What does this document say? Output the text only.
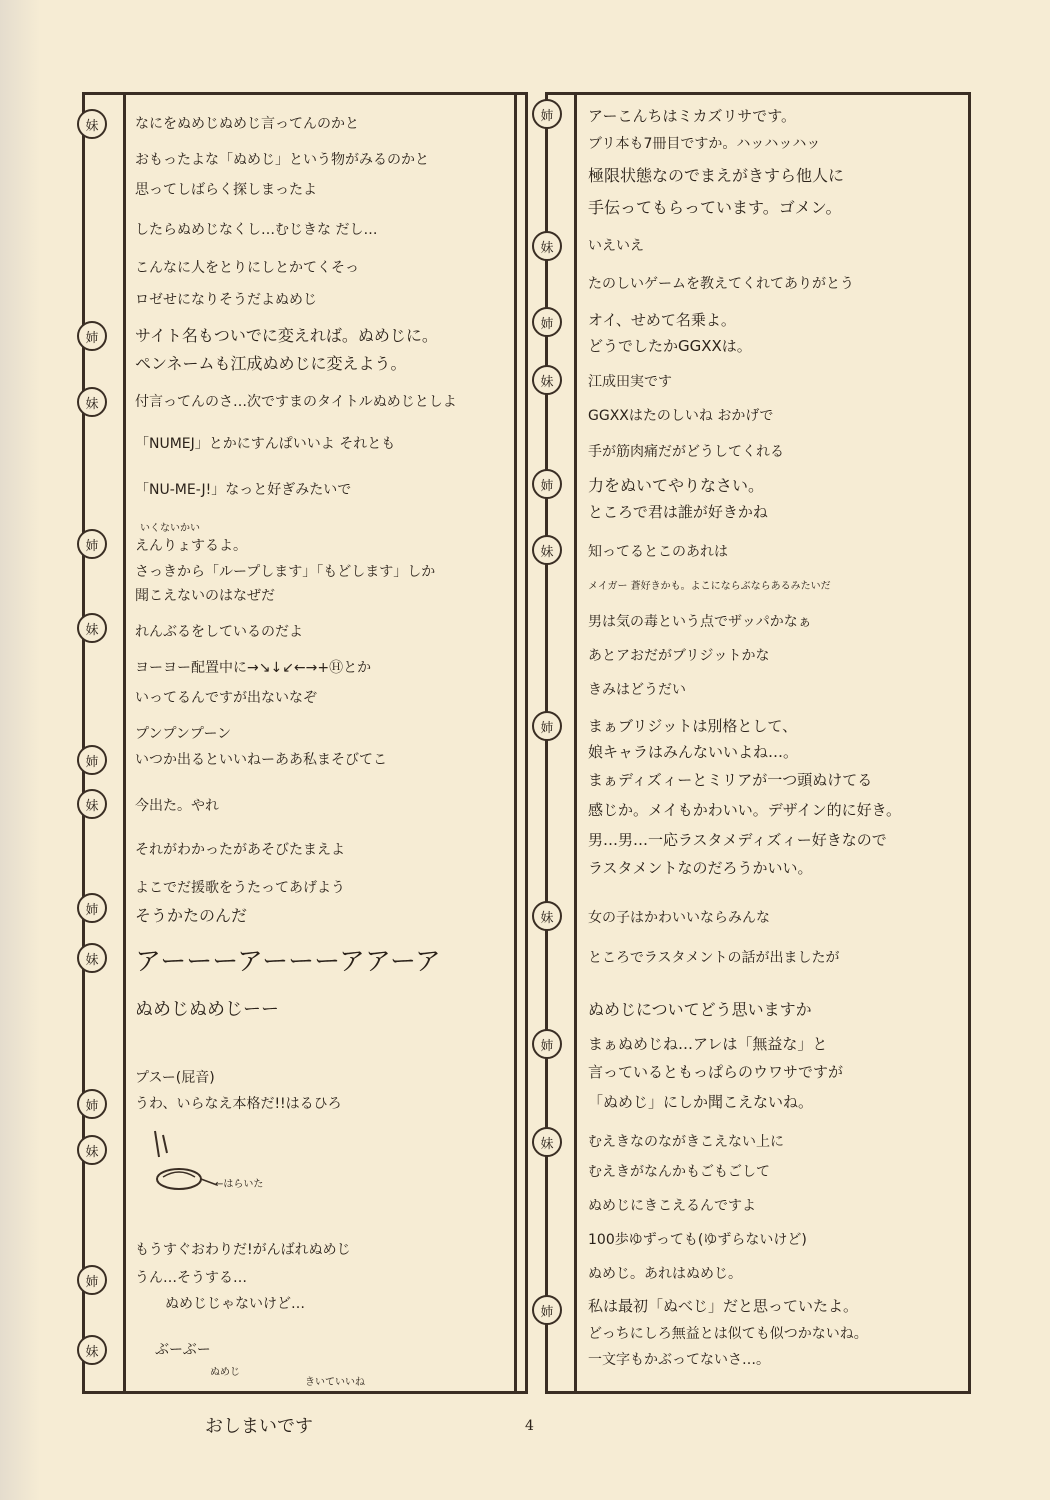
妹
姉
妹
姉
妹
姉
妹
姉
妹
姉
妹
姉
妹
なにをぬめじぬめじ言ってんのかと
おもったよな「ぬめじ」という物がみるのかと
思ってしばらく探しまったよ
したらぬめじなくし…むじきな だし…
こんなに人をとりにしとかてくそっ
ロゼせになりそうだよぬめじ
サイト名もついでに変えれば。ぬめじに。
ペンネームも江成ぬめじに変えよう。
付言ってんのさ…次ですまのタイトルぬめじとしよ
「NUMEJ」とかにすんぱいいよ それとも
「NU-ME-J!」なっと好ぎみたいで
いくないかい
えんりょするよ。
さっきから「ループします」「もどします」しか
聞こえないのはなぜだ
れんぶるをしているのだよ
ヨーヨー配置中に→↘↓↙←→+Ⓗとか
いってるんですが出ないなぞ
プンプンプーン
いつか出るといいねーああ私まそびてこ
今出た。やれ
それがわかったがあそびたまえよ
よこでだ援歌をうたってあげよう
そうかたのんだ
アーーーアーーーアアーア
ぬめじぬめじーー
プスー(屁音)
うわ、いらなえ本格だ!!はるひろ
←はらいた
もうすぐおわりだ!がんばれぬめじ
うん…そうする…
ぬめじじゃないけど…
ぶーぶー
ぬめじ
きいていいね
姉
妹
姉
妹
姉
妹
姉
妹
姉
妹
姉
アーこんちはミカズリサです。
ブリ本も7冊目ですか。ハッハッハッ
極限状態なのでまえがきすら他人に
手伝ってもらっています。ゴメン。
いえいえ
たのしいゲームを教えてくれてありがとう
オイ、せめて名乗よ。
どうでしたかGGXXは。
江成田実です
GGXXはたのしいね おかげで
手が筋肉痛だがどうしてくれる
力をぬいてやりなさい。
ところで君は誰が好きかね
知ってるとこのあれは
メイガー 蒼好きかも。よこにならぶならあるみたいだ
男は気の毒という点でザッパかなぁ
あとアおだがブリジットかな
きみはどうだい
まぁブリジットは別格として、
娘キャラはみんないいよね…。
まぁディズィーとミリアが一つ頭ぬけてる
感じか。メイもかわいい。デザイン的に好き。
男…男…一応ラスタメディズィー好きなので
ラスタメントなのだろうかいい。
女の子はかわいいならみんな
ところでラスタメントの話が出ましたが
ぬめじについてどう思いますか
まぁぬめじね…アレは「無益な」と
言っているともっぱらのウワサですが
「ぬめじ」にしか聞こえないね。
むえきなのながきこえない上に
むえきがなんかもごもごして
ぬめじにきこえるんですよ
100歩ゆずっても(ゆずらないけど)
ぬめじ。あれはぬめじ。
私は最初「ぬべじ」だと思っていたよ。
どっちにしろ無益とは似ても似つかないね。
一文字もかぶってないさ…。
おしまいです	4
